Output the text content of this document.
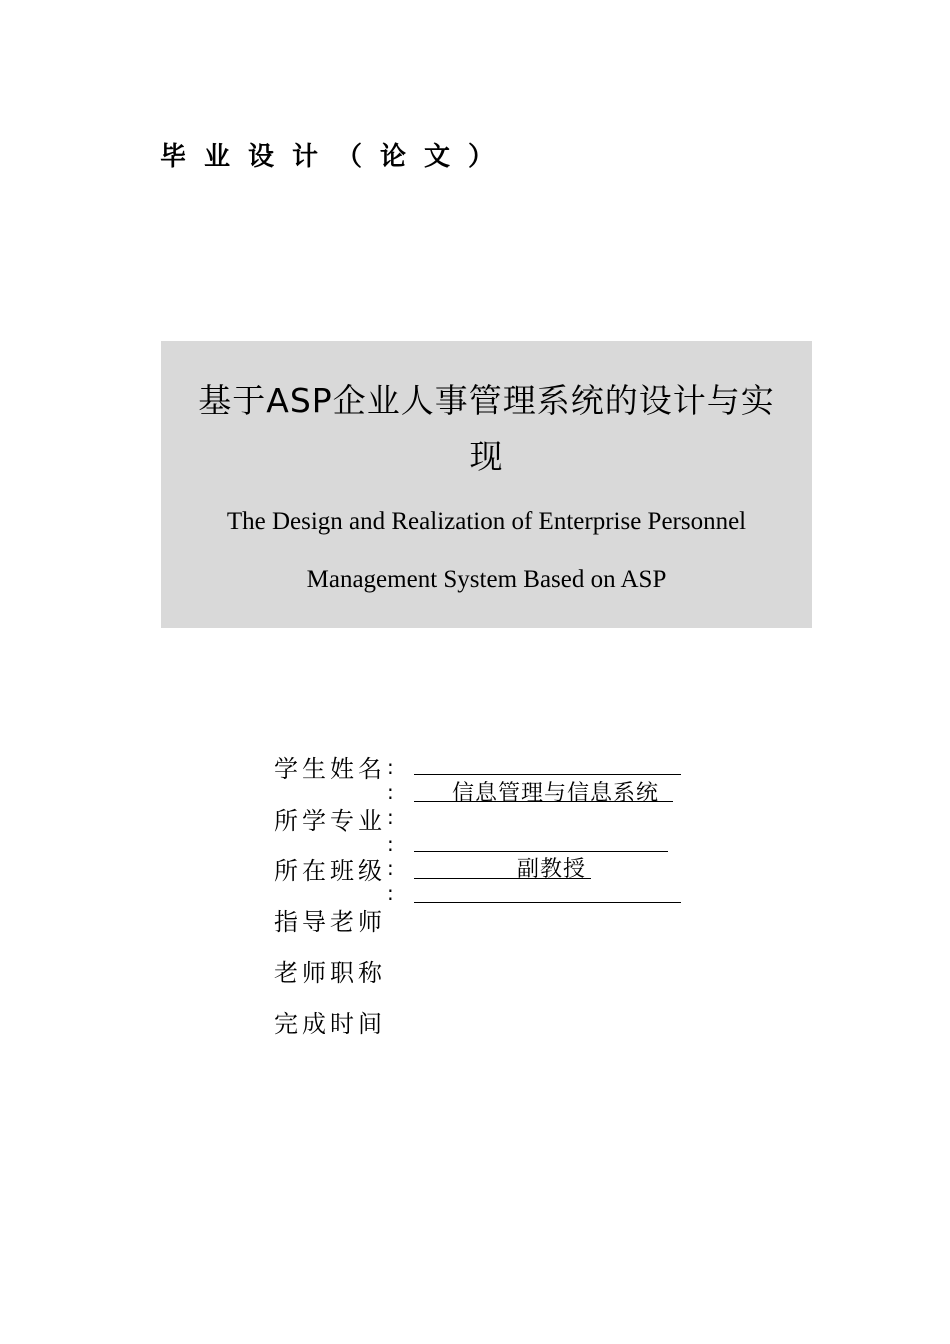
毕业设计（论文）
基于ASP企业人事管理系统的设计与实
现
The Design and Realization of Enterprise Personnel
Management System Based on ASP
学生姓名
所学专业
所在班级
指导老师
老师职称
完成时间
:
:
:
:
:
:
信息管理与信息系统
副教授
